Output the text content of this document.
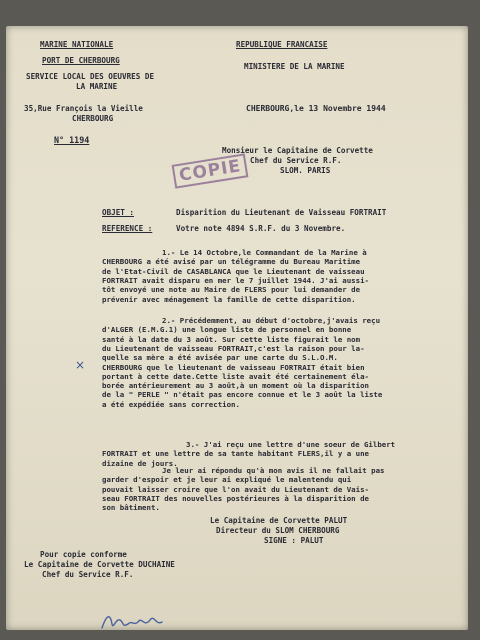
MARINE NATIONALE
PORT DE CHERBOURG
SERVICE LOCAL DES OEUVRES DE
LA MARINE
35,Rue François la Vieille
CHERBOURG
N° 1194
REPUBLIQUE FRANCAISE
MINISTERE DE LA MARINE
CHERBOURG,le 13 Novembre 1944
COPIE
Monsieur le Capitaine de Corvette
Chef du Service R.F.
SLOM. PARIS
OBJET :	Disparition du Lieutenant de Vaisseau FORTRAIT
REFERENCE :	Votre note 4894 S.R.F. du 3 Novembre.
1.- Le 14 Octobre,le Commandant de la Marine à
CHERBOURG a été avisé par un télégramme du Bureau Maritime
de l'Etat-Civil de CASABLANCA que le Lieutenant de vaisseau
FORTRAIT avait disparu en mer le 7 juillet 1944. J'ai aussi-
tôt envoyé une note au Maire de FLERS pour lui demander de
prévenir avec ménagement la famille de cette disparition.
2.- Précédemment, au début d'octobre,j'avais reçu
d'ALGER (E.M.G.1) une longue liste de personnel en bonne
santé à la date du 3 août. Sur cette liste figurait le nom
du Lieutenant de vaisseau FORTRAIT,c'est la raison pour la-
quelle sa mère a été avisée par une carte du S.L.O.M.
CHERBOURG que le lieutenant de vaisseau FORTRAIT était bien
portant à cette date.Cette liste avait été certainement éla-
borée antérieurement au 3 août,à un moment où la disparition
de la " PERLE " n'était pas encore connue et le 3 août la liste
a été expédiée sans correction.
3.- J'ai reçu une lettre d'une soeur de Gilbert
FORTRAIT et une lettre de sa tante habitant FLERS,il y a une
dizaine de jours.
Je leur ai répondu qu'à mon avis il ne fallait pas
garder d'espoir et je leur ai expliqué le malentendu qui
pouvait laisser croire que l'on avait du Lieutenant de Vais-
seau FORTRAIT des nouvelles postérieures à la disparition de
son bâtiment.
×
Le Capitaine de Corvette PALUT
Directeur du SLOM CHERBOURG
SIGNE : PALUT
Pour copie conforme
Le Capitaine de Corvette DUCHAINE
Chef du Service R.F.
